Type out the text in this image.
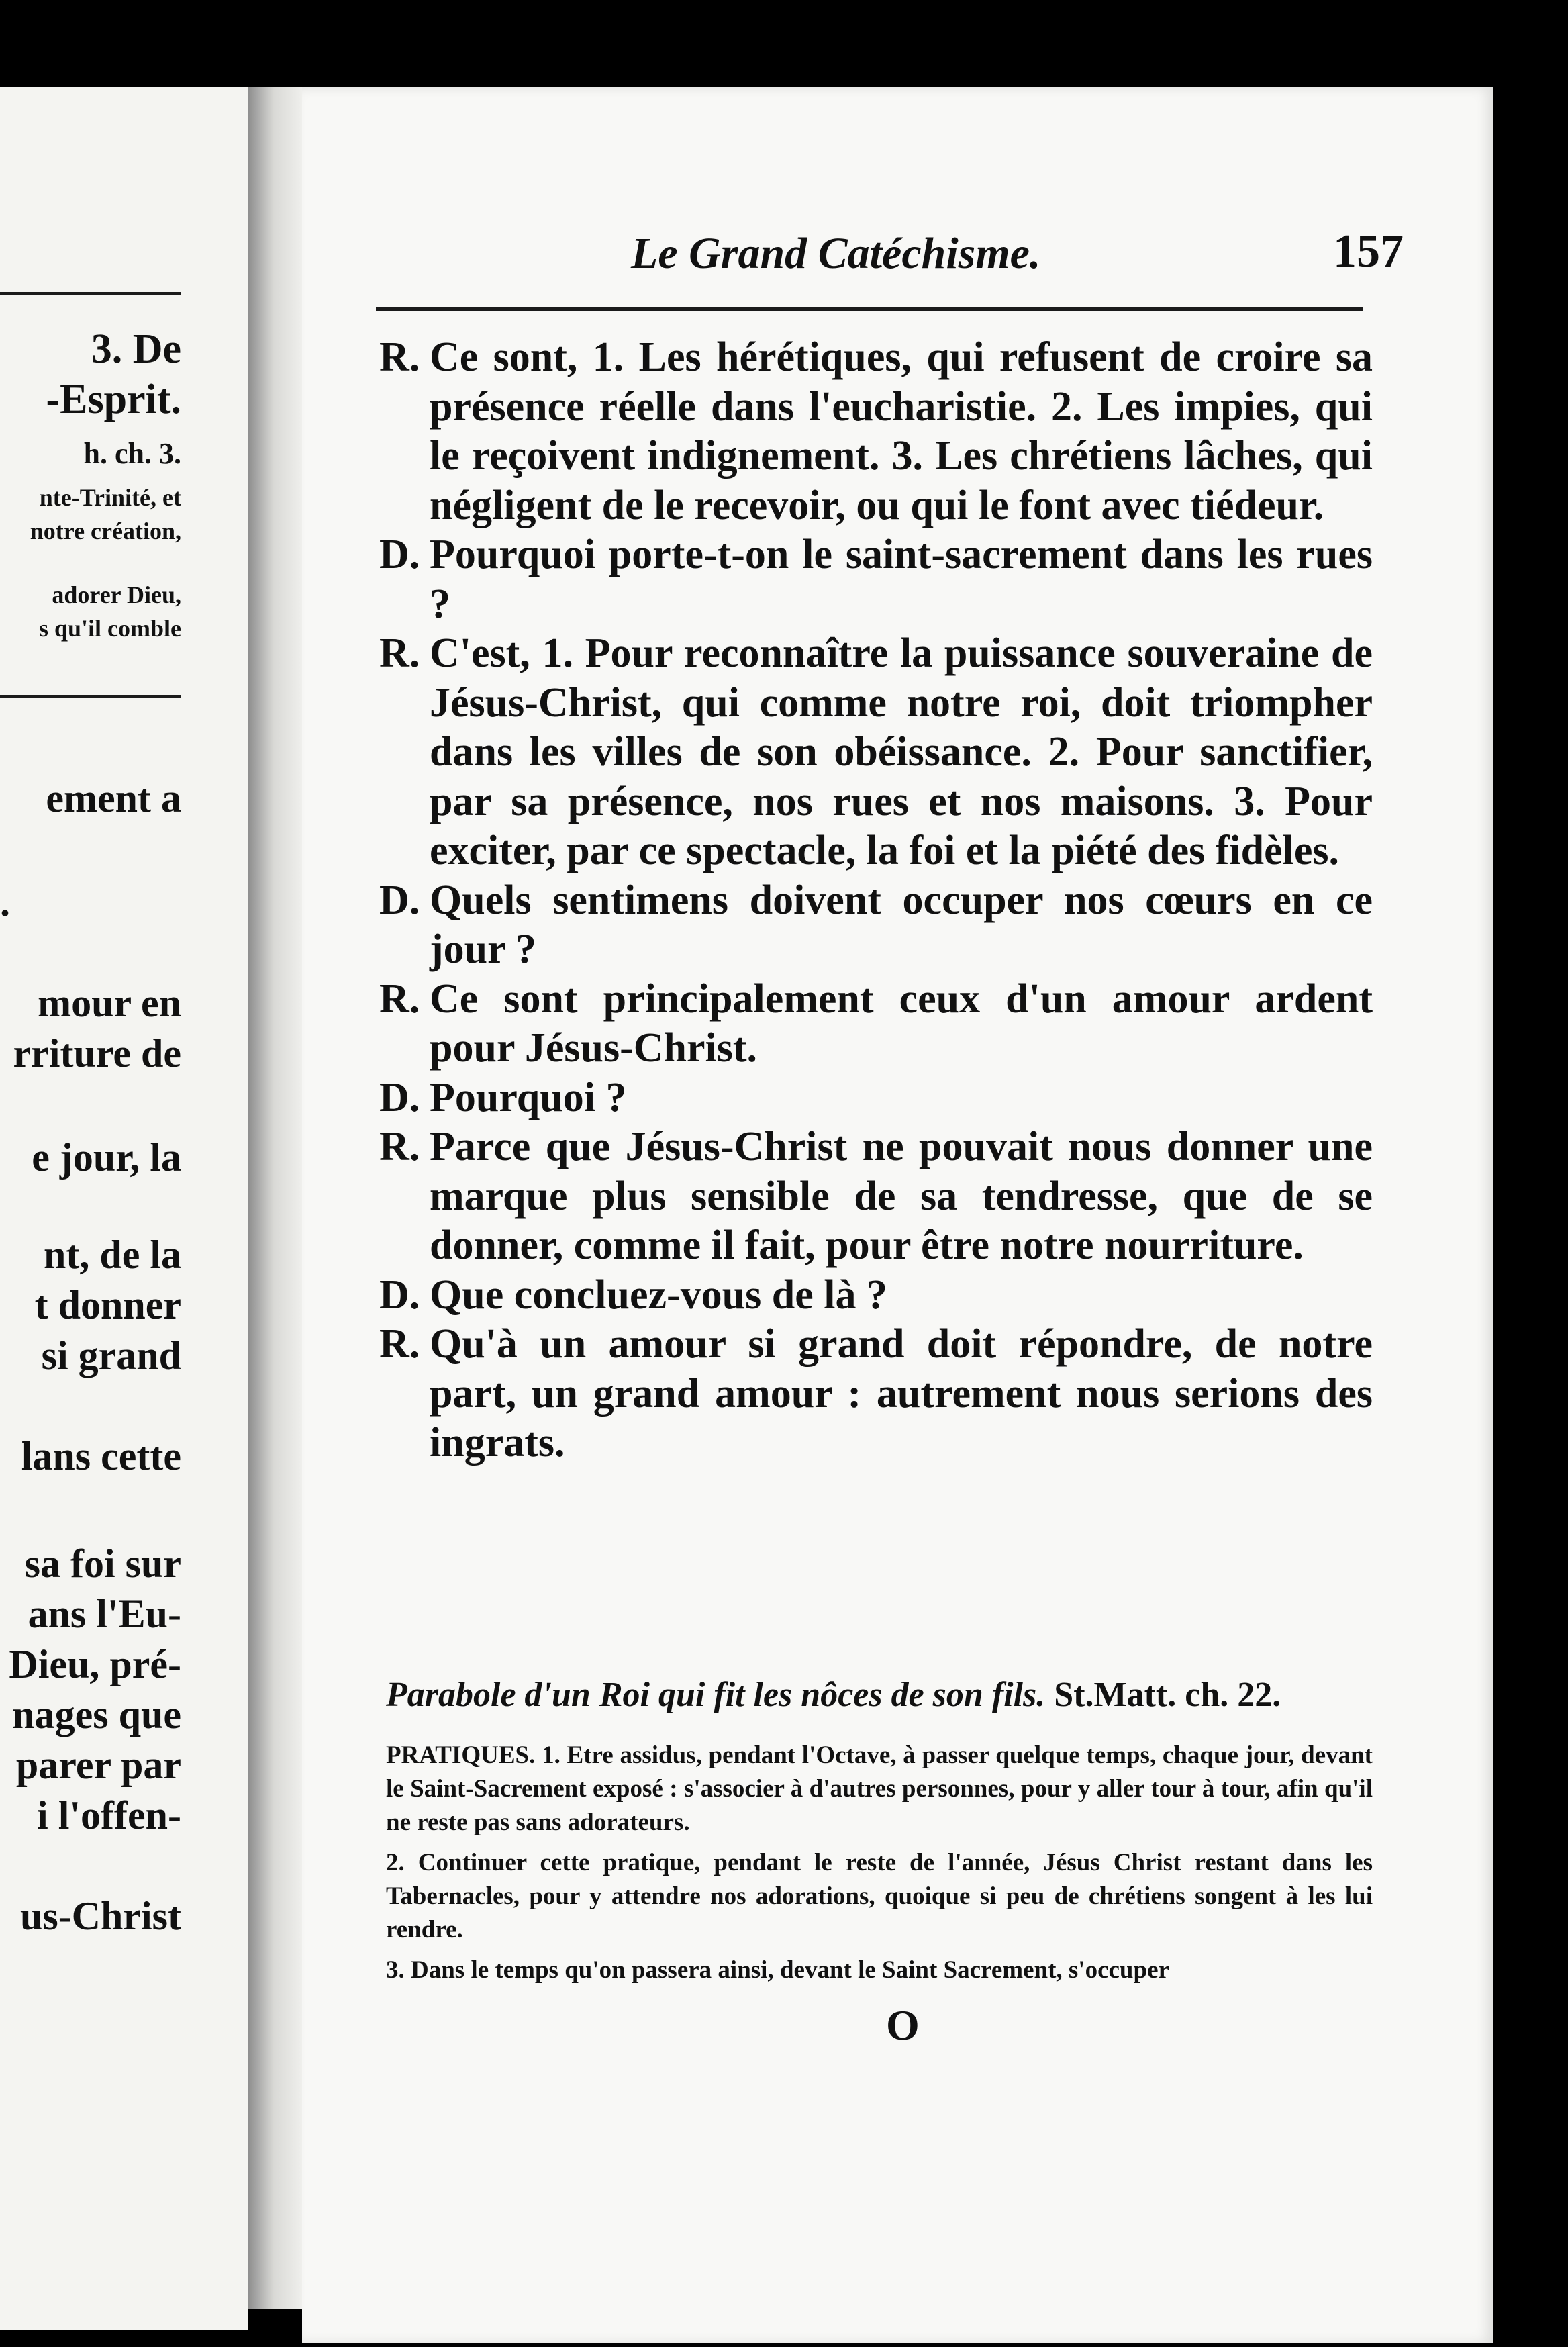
3. De
-Esprit.
h. ch. 3.
nte-Trinité, et
notre création,
adorer Dieu,
s qu'il comble
ement a
.
mour en
rriture de
e jour, la
nt, de la
t donner
si grand
lans cette
sa foi sur
ans l'Eu-
Dieu, pré-
nages que
parer par
i l'offen-
us-Christ
Le Grand Catéchisme.	157

R. Ce sont, 1. Les hérétiques, qui refusent de croire sa présence réelle dans l'eucharistie. 2. Les impies, qui le reçoivent indignement. 3. Les chrétiens lâches, qui négligent de le recevoir, ou qui le font avec tiédeur.

D. Pourquoi porte-t-on le saint-sacrement dans les rues ?

R. C'est, 1. Pour reconnaître la puissance souveraine de Jésus-Christ, qui comme notre roi, doit triompher dans les villes de son obéissance. 2. Pour sanctifier, par sa présence, nos rues et nos maisons. 3. Pour exciter, par ce spectacle, la foi et la piété des fidèles.

D. Quels sentimens doivent occuper nos cœurs en ce jour ?

R. Ce sont principalement ceux d'un amour ardent pour Jésus-Christ.

D. Pourquoi ?

R. Parce que Jésus-Christ ne pouvait nous donner une marque plus sensible de sa tendresse, que de se donner, comme il fait, pour être notre nourriture.

D. Que concluez-vous de là ?

R. Qu'à un amour si grand doit répondre, de notre part, un grand amour : autrement nous serions des ingrats.

Parabole d'un Roi qui fit les nôces de son fils. St.Matt. ch. 22.

PRATIQUES. 1. Etre assidus, pendant l'Octave, à passer quelque temps, chaque jour, devant le Saint-Sacrement exposé : s'associer à d'autres personnes, pour y aller tour à tour, afin qu'il ne reste pas sans adorateurs.

2. Continuer cette pratique, pendant le reste de l'année, Jésus Christ restant dans les Tabernacles, pour y attendre nos adorations, quoique si peu de chrétiens songent à les lui rendre.

3. Dans le temps qu'on passera ainsi, devant le Saint Sacrement, s'occuper

O
